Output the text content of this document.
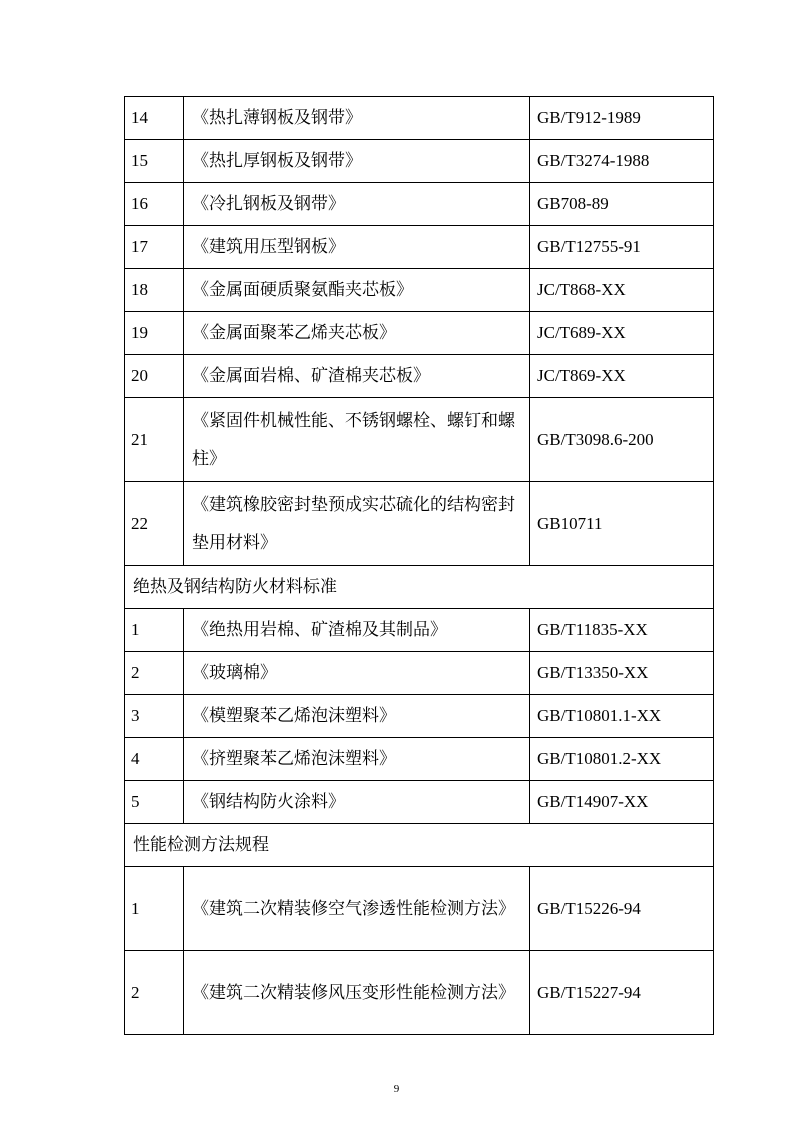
14	《热扎薄钢板及钢带》	GB/T912-1989
15	《热扎厚钢板及钢带》	GB/T3274-1988
16	《冷扎钢板及钢带》	GB708-89
17	《建筑用压型钢板》	GB/T12755-91
18	《金属面硬质聚氨酯夹芯板》	JC/T868-XX
19	《金属面聚苯乙烯夹芯板》	JC/T689-XX
20	《金属面岩棉、矿渣棉夹芯板》	JC/T869-XX
21	《紧固件机械性能、不锈钢螺栓、螺钉和螺柱》	GB/T3098.6-200
22	《建筑橡胶密封垫预成实芯硫化的结构密封垫用材料》	GB10711
绝热及钢结构防火材料标准		
1	《绝热用岩棉、矿渣棉及其制品》	GB/T11835-XX
2	《玻璃棉》	GB/T13350-XX
3	《模塑聚苯乙烯泡沫塑料》	GB/T10801.1-XX
4	《挤塑聚苯乙烯泡沫塑料》	GB/T10801.2-XX
5	《钢结构防火涂料》	GB/T14907-XX
性能检测方法规程		
1	《建筑二次精装修空气渗透性能检测方法》	GB/T15226-94
2	《建筑二次精装修风压变形性能检测方法》	GB/T15227-94
9
